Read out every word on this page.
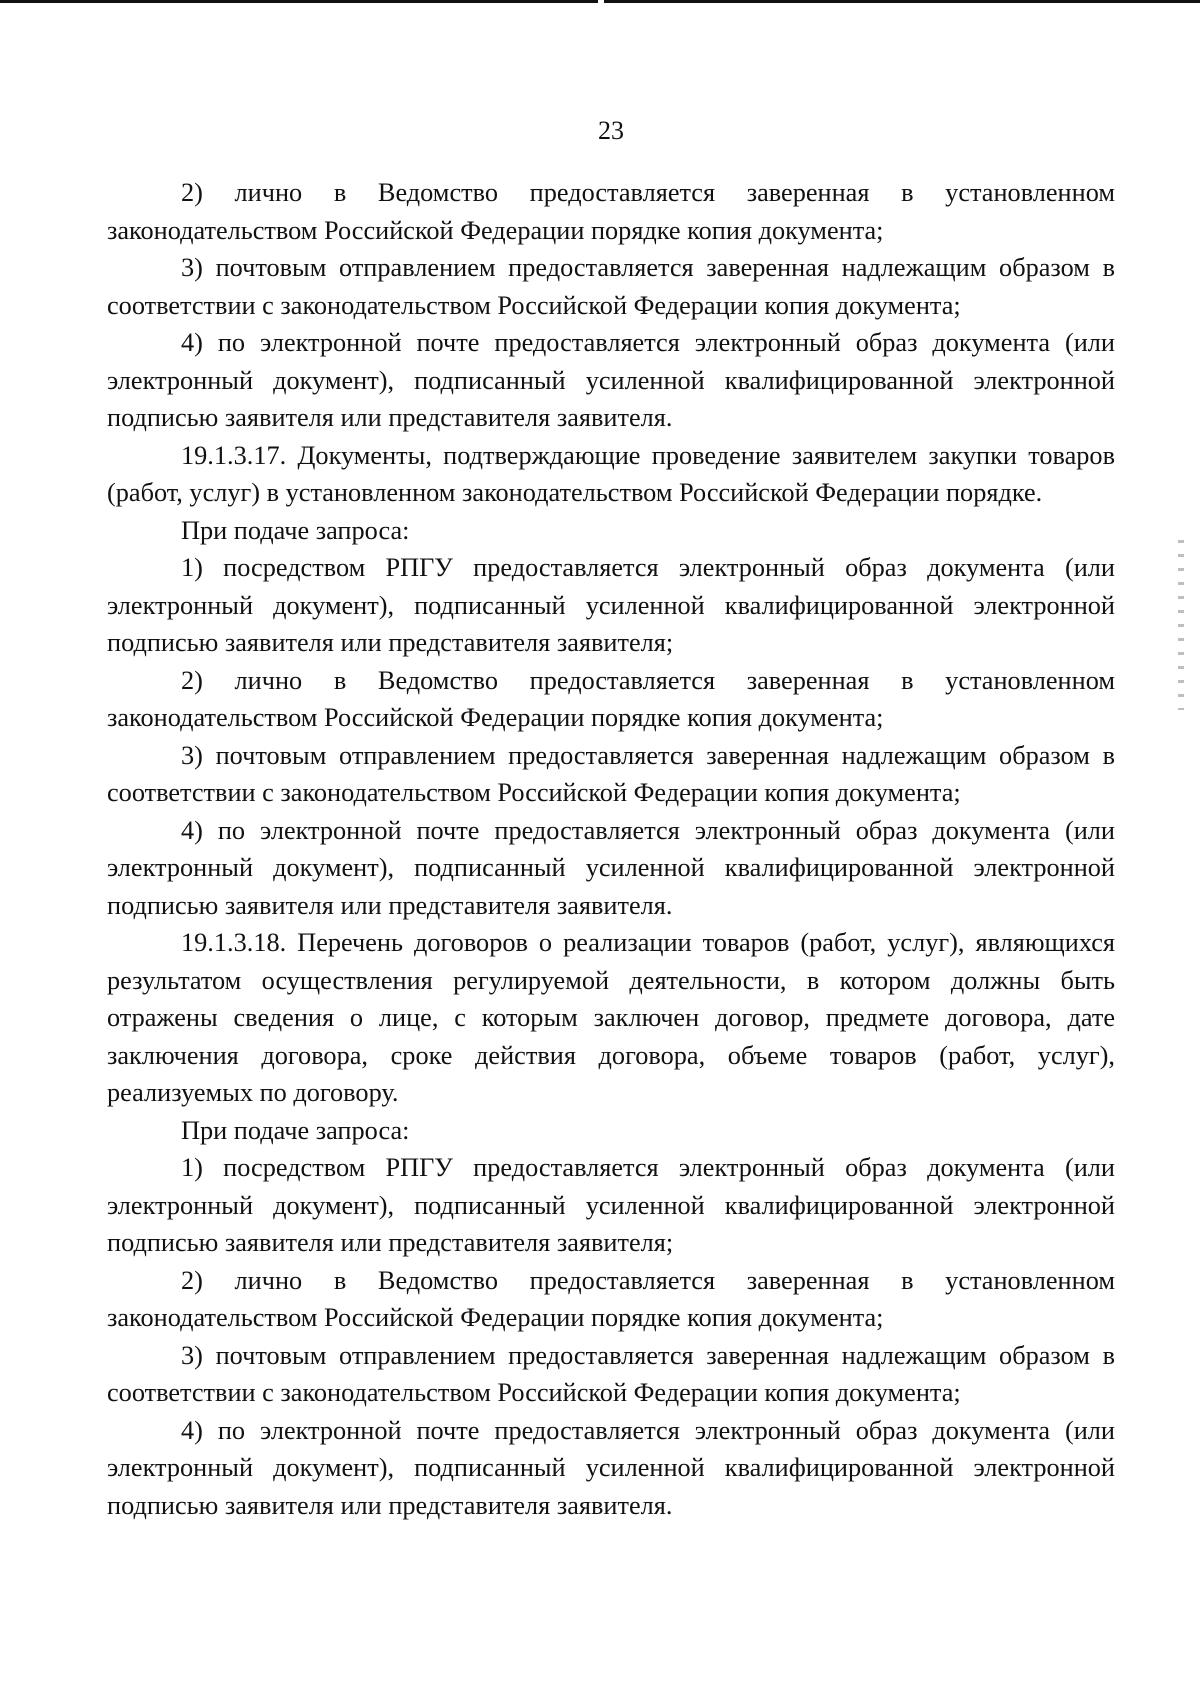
23

2) лично в Ведомство предоставляется заверенная в установленном законодательством Российской Федерации порядке копия документа;

3) почтовым отправлением предоставляется заверенная надлежащим образом в соответствии с законодательством Российской Федерации копия документа;

4) по электронной почте предоставляется электронный образ документа (или электронный документ), подписанный усиленной квалифицированной электронной подписью заявителя или представителя заявителя.

19.1.3.17. Документы, подтверждающие проведение заявителем закупки товаров (работ, услуг) в установленном законодательством Российской Федерации порядке.

При подаче запроса:

1) посредством РПГУ предоставляется электронный образ документа (или электронный документ), подписанный усиленной квалифицированной электронной подписью заявителя или представителя заявителя;

2) лично в Ведомство предоставляется заверенная в установленном законодательством Российской Федерации порядке копия документа;

3) почтовым отправлением предоставляется заверенная надлежащим образом в соответствии с законодательством Российской Федерации копия документа;

4) по электронной почте предоставляется электронный образ документа (или электронный документ), подписанный усиленной квалифицированной электронной подписью заявителя или представителя заявителя.

19.1.3.18. Перечень договоров о реализации товаров (работ, услуг), являющихся результатом осуществления регулируемой деятельности, в котором должны быть отражены сведения о лице, с которым заключен договор, предмете договора, дате заключения договора, сроке действия договора, объеме товаров (работ, услуг), реализуемых по договору.

При подаче запроса:

1) посредством РПГУ предоставляется электронный образ документа (или электронный документ), подписанный усиленной квалифицированной электронной подписью заявителя или представителя заявителя;

2) лично в Ведомство предоставляется заверенная в установленном законодательством Российской Федерации порядке копия документа;

3) почтовым отправлением предоставляется заверенная надлежащим образом в соответствии с законодательством Российской Федерации копия документа;

4) по электронной почте предоставляется электронный образ документа (или электронный документ), подписанный усиленной квалифицированной электронной подписью заявителя или представителя заявителя.
